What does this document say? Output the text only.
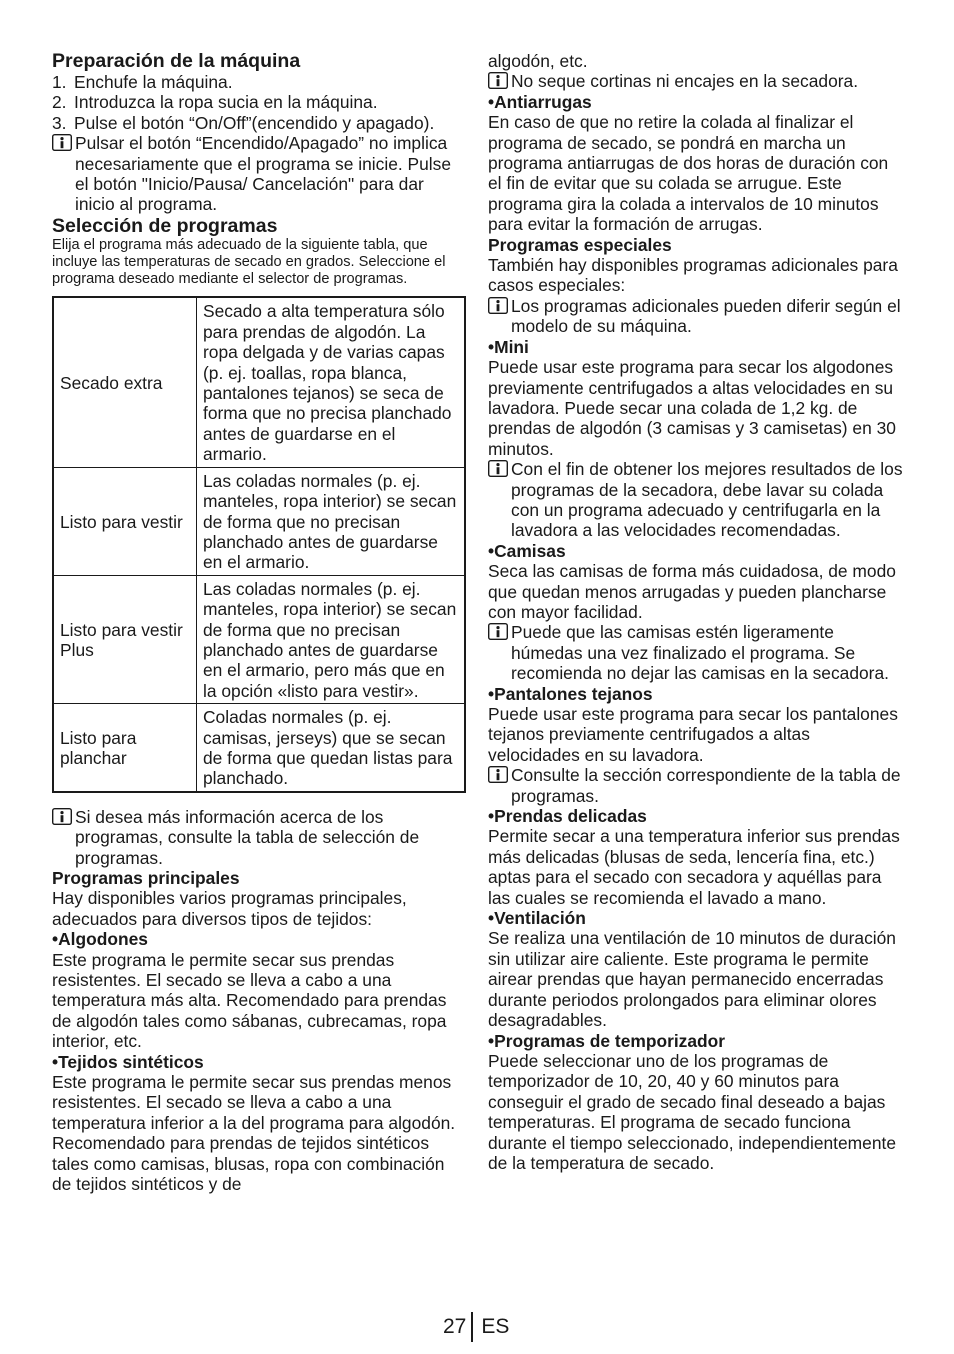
Preparación de la máquina

1. Enchufe la máquina.
2. Introduzca la ropa sucia en la máquina.
3. Pulse el botón “On/Off”(encendido y apagado).
Pulsar el botón “Encendido/Apagado” no implica necesariamente que el programa se inicie. Pulse el botón "Inicio/Pausa/ Cancelación" para dar inicio al programa.

Selección de programas

Elija el programa más adecuado de la siguiente tabla, que incluye las temperaturas de secado en grados. Seleccione el programa deseado mediante el selector de programas.

Secado extra	Secado a alta temperatura sólo para prendas de algodón. La ropa delgada y de varias capas (p. ej. toallas, ropa blanca, pantalones tejanos) se seca de forma que no precisa planchado antes de guardarse en el armario.
Listo para vestir	Las coladas normales (p. ej. manteles, ropa interior) se secan de forma que no precisan planchado antes de guardarse en el armario.
Listo para vestir Plus	Las coladas normales (p. ej. manteles, ropa interior) se secan de forma que no precisan planchado antes de guardarse en el armario, pero más que en la opción «listo para vestir».
Listo para planchar	Coladas normales (p. ej. camisas, jerseys) que se secan de forma que quedan listas para planchado.
Si desea más información acerca de los programas, consulte la tabla de selección de programas.

Programas principales

Hay disponibles varios programas principales, adecuados para diversos tipos de tejidos:

•Algodones

Este programa le permite secar sus prendas resistentes. El secado se lleva a cabo a una temperatura más alta. Recomendado para prendas de algodón tales como sábanas, cubrecamas, ropa interior, etc.

•Tejidos sintéticos

Este programa le permite secar sus prendas menos resistentes. El secado se lleva a cabo a una temperatura inferior a la del programa para algodón. Recomendado para prendas de tejidos sintéticos tales como camisas, blusas, ropa con combinación de tejidos sintéticos y de

algodón, etc.

No seque cortinas ni encajes en la secadora.

•Antiarrugas

En caso de que no retire la colada al finalizar el programa de secado, se pondrá en marcha un programa antiarrugas de dos horas de duración con el fin de evitar que su colada se arrugue. Este programa gira la colada a intervalos de 10 minutos para evitar la formación de arrugas.

Programas especiales

También hay disponibles programas adicionales para casos especiales:

Los programas adicionales pueden diferir según el modelo de su máquina.

•Mini

Puede usar este programa para secar los algodones previamente centrifugados a altas velocidades en su lavadora. Puede secar una colada de 1,2 kg. de prendas de algodón (3 camisas y 3 camisetas) en 30 minutos.

Con el fin de obtener los mejores resultados de los programas de la secadora, debe lavar su colada con un programa adecuado y centrifugarla en la lavadora a las velocidades recomendadas.

•Camisas

Seca las camisas de forma más cuidadosa, de modo que quedan menos arrugadas y pueden plancharse con mayor facilidad.

Puede que las camisas estén ligeramente húmedas una vez finalizado el programa. Se recomienda no dejar las camisas en la secadora.

•Pantalones tejanos

Puede usar este programa para secar los pantalones tejanos previamente centrifugados a altas velocidades en su lavadora.

Consulte la sección correspondiente de la tabla de programas.

•Prendas delicadas

Permite secar a una temperatura inferior sus prendas más delicadas (blusas de seda, lencería fina, etc.) aptas para el secado con secadora y aquéllas para las cuales se recomienda el lavado a mano.

•Ventilación

Se realiza una ventilación de 10 minutos de duración sin utilizar aire caliente. Este programa le permite airear prendas que hayan permanecido encerradas durante periodos prolongados para eliminar olores desagradables.

•Programas de temporizador

Puede seleccionar uno de los programas de temporizador de 10, 20, 40 y 60 minutos para conseguir el grado de secado final deseado a bajas temperaturas. El programa de secado funciona durante el tiempo seleccionado, independientemente de la temperatura de secado.

27 ES
